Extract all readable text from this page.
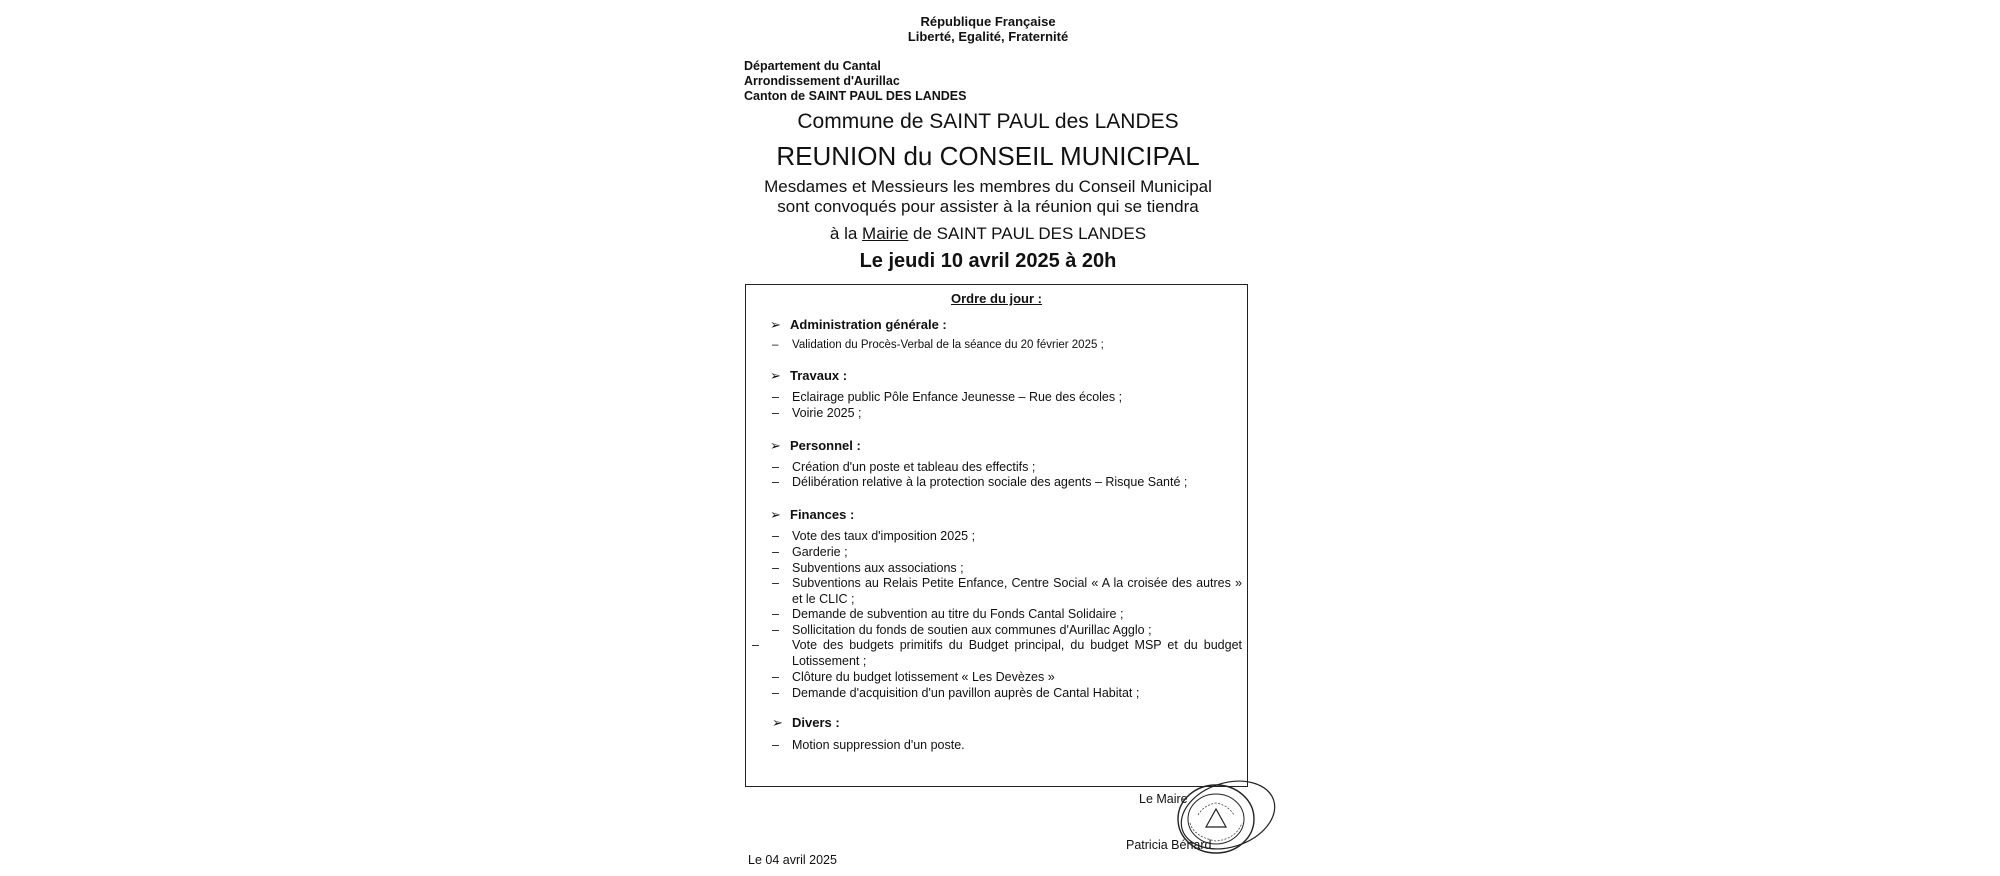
République Française
Liberté, Egalité, Fraternité
Département du Cantal
Arrondissement d'Aurillac
Canton de SAINT PAUL DES LANDES
Commune de SAINT PAUL des LANDES
REUNION du CONSEIL MUNICIPAL
Mesdames et Messieurs les membres du Conseil Municipal
sont convoqués pour assister à la réunion qui se tiendra
à la Mairie de SAINT PAUL DES LANDES
Le jeudi 10 avril 2025 à 20h
Ordre du jour :
➢ Administration générale :
– Validation du Procès-Verbal de la séance du 20 février 2025 ;
➢ Travaux :
– Eclairage public Pôle Enfance Jeunesse – Rue des écoles ;
– Voirie 2025 ;
➢ Personnel :
– Création d'un poste et tableau des effectifs ;
– Délibération relative à la protection sociale des agents – Risque Santé ;
➢ Finances :
– Vote des taux d'imposition 2025 ;
– Garderie ;
– Subventions aux associations ;
– Subventions au Relais Petite Enfance, Centre Social « A la croisée des autres » et le CLIC ;
– Demande de subvention au titre du Fonds Cantal Solidaire ;
– Sollicitation du fonds de soutien aux communes d'Aurillac Agglo ;
–	Vote des budgets primitifs du Budget principal, du budget MSP et du budget Lotissement ;
– Clôture du budget lotissement « Les Devèzes »
– Demande d'acquisition d'un pavillon auprès de Cantal Habitat ;
➢ Divers :
– Motion suppression d'un poste.
Le Maire
Patricia Bénard
Le 04 avril 2025
